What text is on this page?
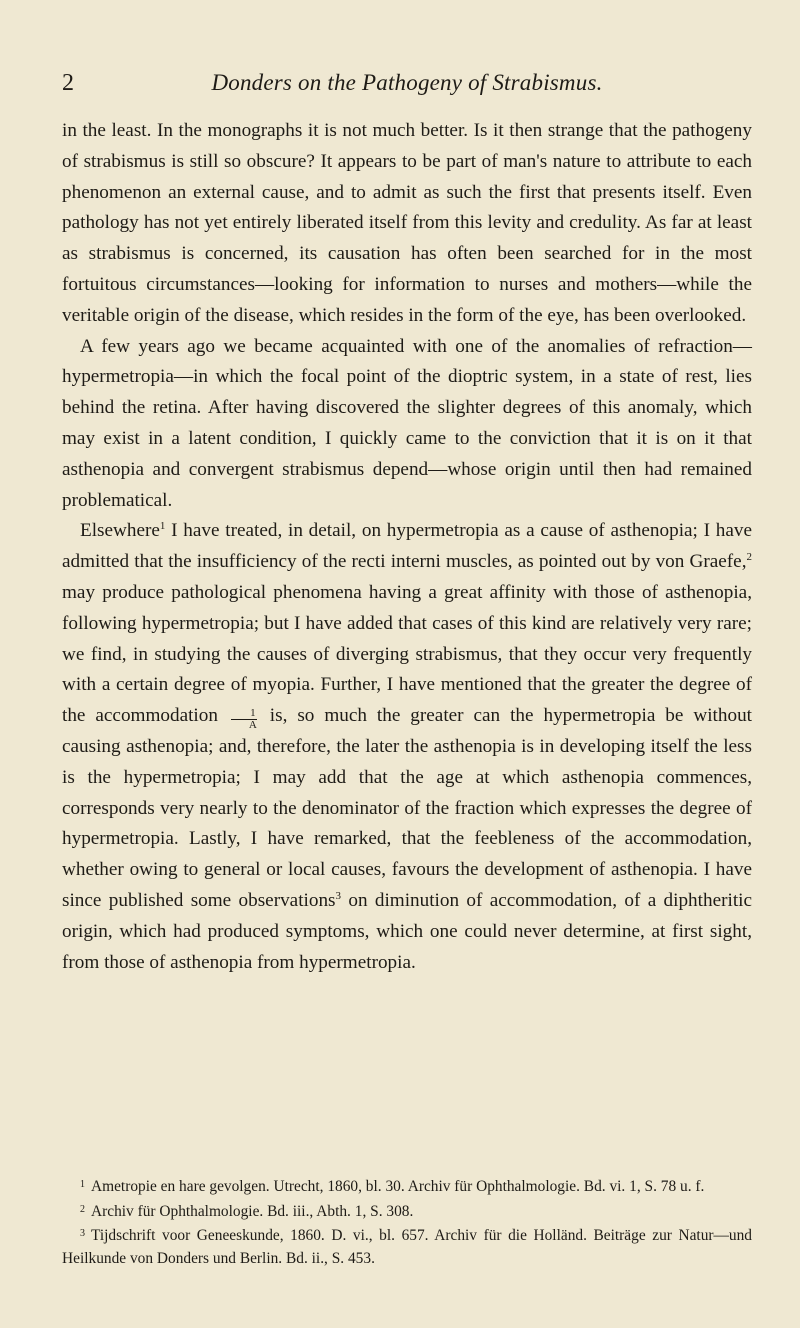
2	Donders on the Pathogeny of Strabismus.

in the least. In the monographs it is not much better. Is it then strange that the pathogeny of strabismus is still so obscure? It appears to be part of man's nature to attribute to each phenomenon an external cause, and to admit as such the first that presents itself. Even pathology has not yet entirely liberated itself from this levity and credulity. As far at least as strabismus is concerned, its causation has often been searched for in the most fortuitous circumstances—looking for information to nurses and mothers—while the veritable origin of the disease, which resides in the form of the eye, has been overlooked.

A few years ago we became acquainted with one of the anomalies of refraction—hypermetropia—in which the focal point of the dioptric system, in a state of rest, lies behind the retina. After having discovered the slighter degrees of this anomaly, which may exist in a latent condition, I quickly came to the conviction that it is on it that asthenopia and convergent strabismus depend—whose origin until then had remained problematical.

Elsewhere$^1$ I have treated, in detail, on hypermetropia as a cause of asthenopia; I have admitted that the insufficiency of the recti interni muscles, as pointed out by von Graefe,$^2$ may produce pathological phenomena having a great affinity with those of asthenopia, following hypermetropia; but I have added that cases of this kind are relatively very rare; we find, in studying the causes of diverging strabismus, that they occur very frequently with a certain degree of myopia. Further, I have mentioned that the greater the degree of the accommodation $\frac{1}{A}$ is, so much the greater can the hypermetropia be without causing asthenopia; and, therefore, the later the asthenopia is in developing itself the less is the hypermetropia; I may add that the age at which asthenopia commences, corresponds very nearly to the denominator of the fraction which expresses the degree of hypermetropia. Lastly, I have remarked, that the feebleness of the accommodation, whether owing to general or local causes, favours the development of asthenopia. I have since published some observations$^3$ on diminution of accommodation, of a diphtheritic origin, which had produced symptoms, which one could never determine, at first sight, from those of asthenopia from hypermetropia.

$^1$ Ametropie en hare gevolgen. Utrecht, 1860, bl. 30. Archiv für Ophthalmologie. Bd. vi. 1, S. 78 u. f.

$^2$ Archiv für Ophthalmologie. Bd. iii., Abth. 1, S. 308.

$^3$ Tijdschrift voor Geneeskunde, 1860. D. vi., bl. 657. Archiv für die Holländ. Beiträge zur Natur—und Heilkunde von Donders und Berlin. Bd. ii., S. 453.
